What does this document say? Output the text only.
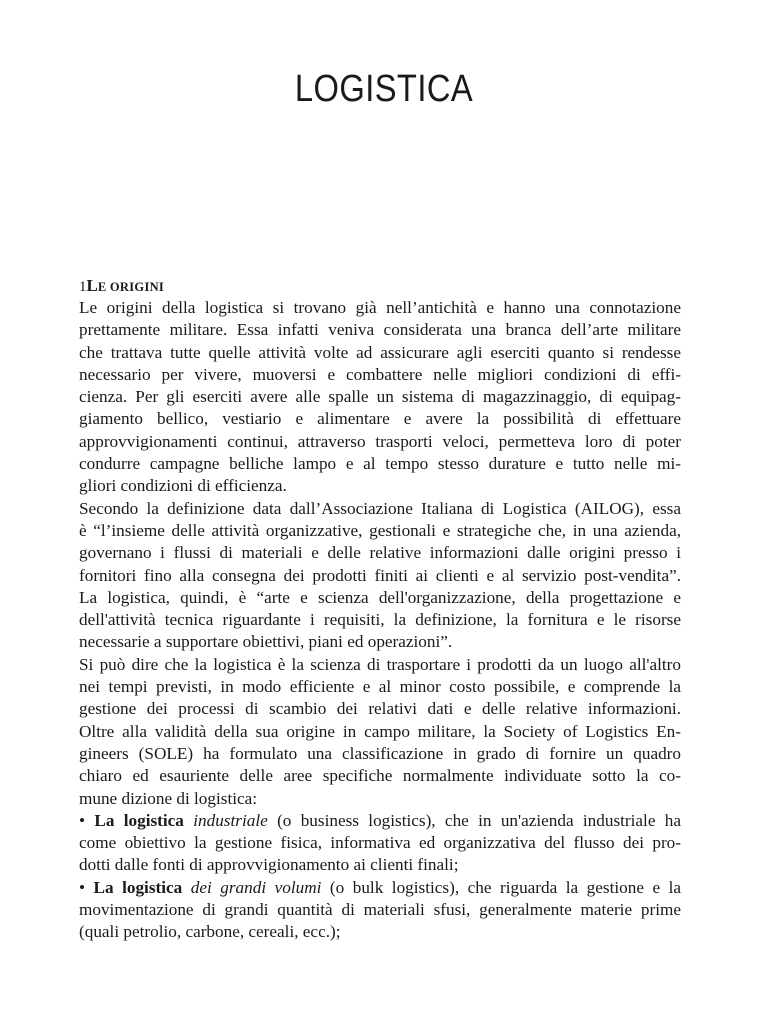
LOGISTICA
1LE ORIGINI
Le origini della logistica si trovano già nell’antichità e hanno una connotazione
prettamente militare. Essa infatti veniva considerata una branca dell’arte militare
che trattava tutte quelle attività volte ad assicurare agli eserciti quanto si rendesse
necessario per vivere, muoversi e combattere nelle migliori condizioni di effi-
cienza. Per gli eserciti avere alle spalle un sistema di magazzinaggio, di equipag-
giamento bellico, vestiario e alimentare e avere la possibilità di effettuare
approvvigionamenti continui, attraverso trasporti veloci, permetteva loro di poter
condurre campagne belliche lampo e al tempo stesso durature e tutto nelle mi-
gliori condizioni di efficienza.
Secondo la definizione data dall’Associazione Italiana di Logistica (AILOG), essa
è “l’insieme delle attività organizzative, gestionali e strategiche che, in una azienda,
governano i flussi di materiali e delle relative informazioni dalle origini presso i
fornitori fino alla consegna dei prodotti finiti ai clienti e al servizio post-vendita”.
La logistica, quindi, è “arte e scienza dell'organizzazione, della progettazione e
dell'attività tecnica riguardante i requisiti, la definizione, la fornitura e le risorse
necessarie a supportare obiettivi, piani ed operazioni”.
Si può dire che la logistica è la scienza di trasportare i prodotti da un luogo all'altro
nei tempi previsti, in modo efficiente e al minor costo possibile, e comprende la
gestione dei processi di scambio dei relativi dati e delle relative informazioni.
Oltre alla validità della sua origine in campo militare, la Society of Logistics En-
gineers (SOLE) ha formulato una classificazione in grado di fornire un quadro
chiaro ed esauriente delle aree specifiche normalmente individuate sotto la co-
mune dizione di logistica:
• La logistica industriale (o business logistics), che in un'azienda industriale ha
come obiettivo la gestione fisica, informativa ed organizzativa del flusso dei pro-
dotti dalle fonti di approvvigionamento ai clienti finali;
• La logistica dei grandi volumi (o bulk logistics), che riguarda la gestione e la
movimentazione di grandi quantità di materiali sfusi, generalmente materie prime
(quali petrolio, carbone, cereali, ecc.);
